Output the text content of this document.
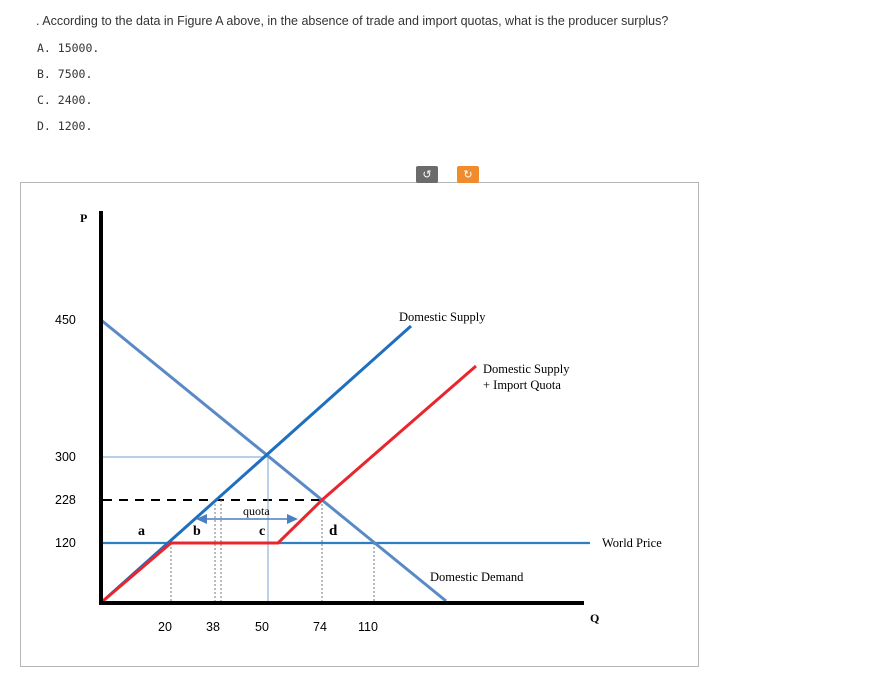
. According to the data in Figure A above, in the absence of trade and import quotas, what is the producer surplus?
A. 15000.
B. 7500.
C. 2400.
D. 1200.
↺	↻
P
Q
450
300
228
120
20	38	50	74 110
a	b	c	d
quota
Domestic Supply
Domestic Supply
+ Import Quota
Domestic Demand
World Price
